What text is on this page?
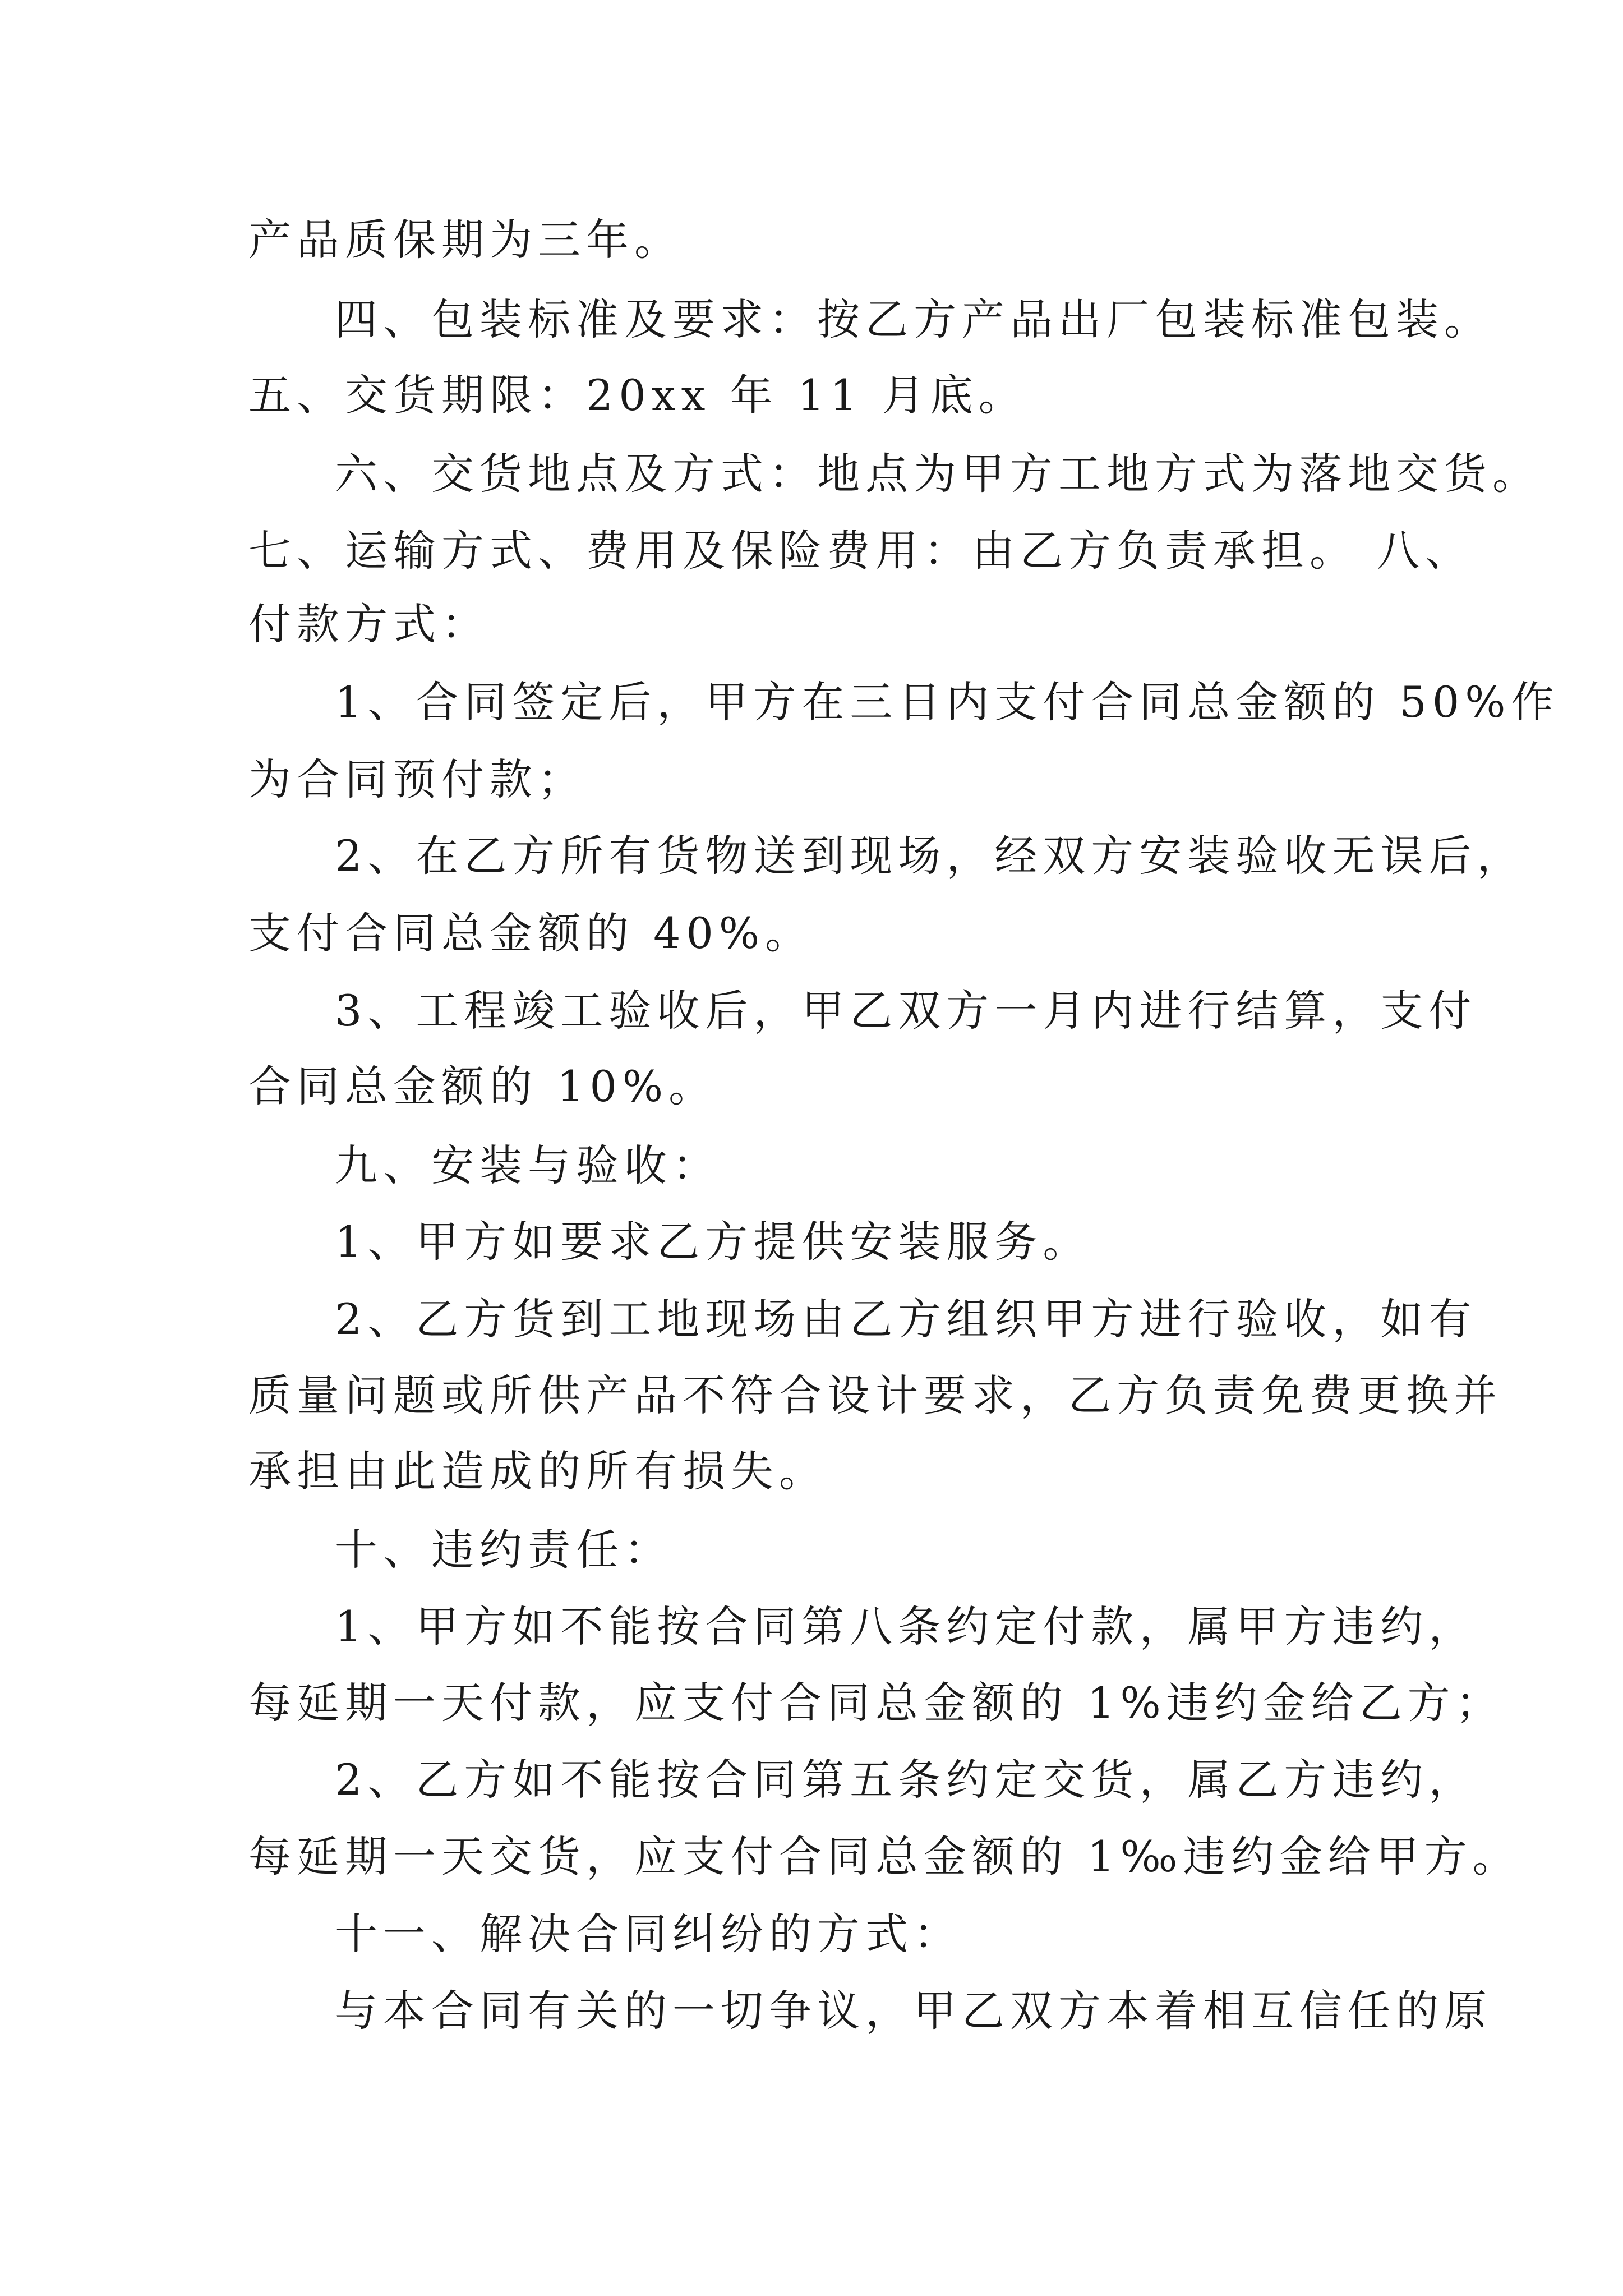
产品质保期为三年。
四、包装标准及要求：按乙方产品出厂包装标准包装。
五、交货期限：20xx 年 11 月底。
六、交货地点及方式：地点为甲方工地方式为落地交货。
七、运输方式、费用及保险费用：由乙方负责承担。 八、
付款方式：
1、合同签定后，甲方在三日内支付合同总金额的 50%作
为合同预付款；
2、在乙方所有货物送到现场，经双方安装验收无误后，
支付合同总金额的 40%。
3、工程竣工验收后，甲乙双方一月内进行结算，支付
合同总金额的 10%。
九、安装与验收：
1、甲方如要求乙方提供安装服务。
2、乙方货到工地现场由乙方组织甲方进行验收，如有
质量问题或所供产品不符合设计要求，乙方负责免费更换并
承担由此造成的所有损失。
十、违约责任：
1、甲方如不能按合同第八条约定付款，属甲方违约，
每延期一天付款，应支付合同总金额的 1%违约金给乙方；
2、乙方如不能按合同第五条约定交货，属乙方违约，
每延期一天交货，应支付合同总金额的 1‰违约金给甲方。
十一、解决合同纠纷的方式：
与本合同有关的一切争议，甲乙双方本着相互信任的原
